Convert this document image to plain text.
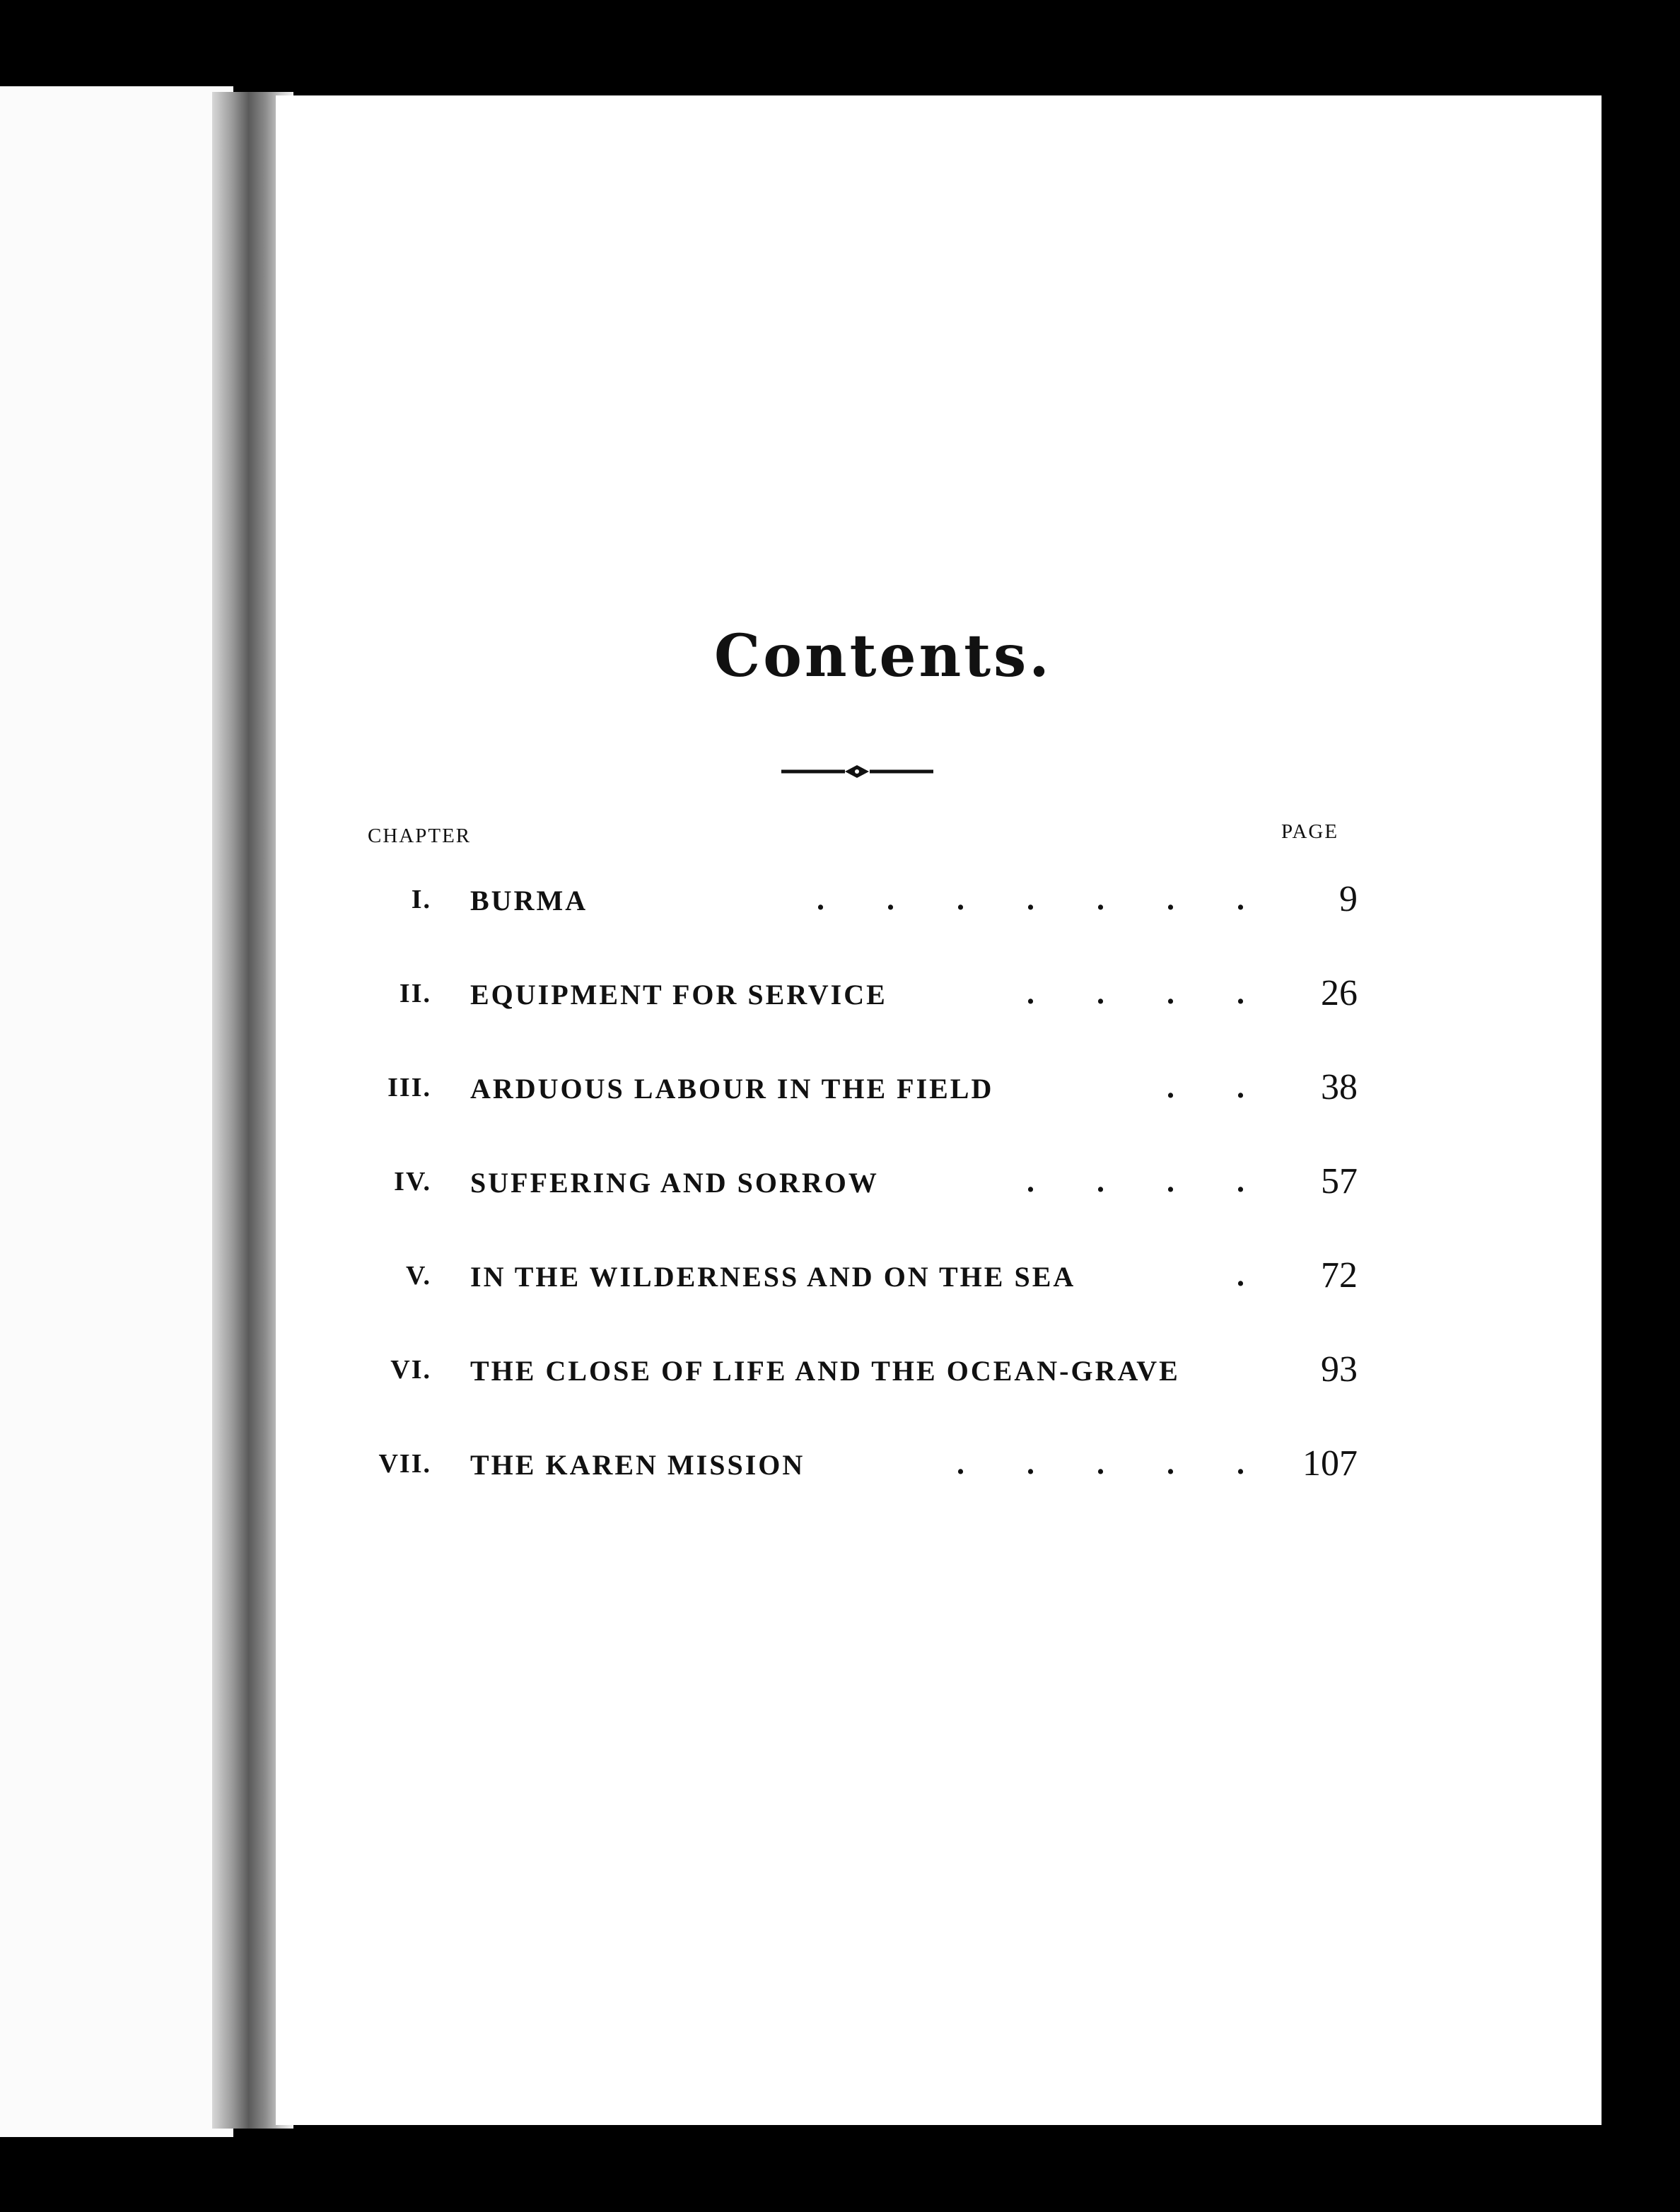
Contents.
CHAPTER	PAGE
I. BURMA	.        .        .        .        .        .        .	9
II. EQUIPMENT FOR SERVICE	.        .        .        .	26
III. ARDUOUS LABOUR IN THE FIELD	.        .	38
IV. SUFFERING AND SORROW	.        .        .        .	57
V. IN THE WILDERNESS AND ON THE SEA	.	72
VI. THE CLOSE OF LIFE AND THE OCEAN-GRAVE	93
VII. THE KAREN MISSION	.        .        .        .        .	107
